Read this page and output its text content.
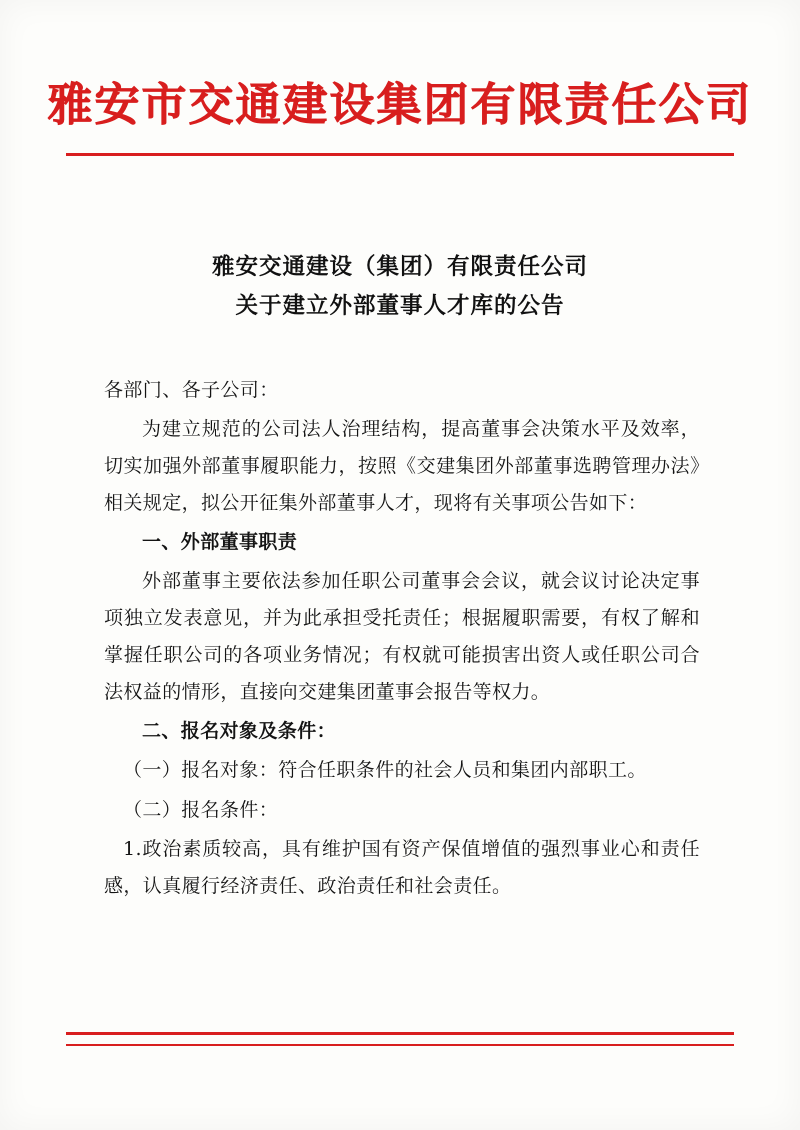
雅安市交通建设集团有限责任公司
雅安交通建设（集团）有限责任公司
关于建立外部董事人才库的公告

各部门、各子公司：

为建立规范的公司法人治理结构，提高董事会决策水平及效率，切实加强外部董事履职能力，按照《交建集团外部董事选聘管理办法》相关规定，拟公开征集外部董事人才，现将有关事项公告如下：

一、外部董事职责

外部董事主要依法参加任职公司董事会会议，就会议讨论决定事项独立发表意见，并为此承担受托责任；根据履职需要，有权了解和掌握任职公司的各项业务情况；有权就可能损害出资人或任职公司合法权益的情形，直接向交建集团董事会报告等权力。

二、报名对象及条件：

（一）报名对象：符合任职条件的社会人员和集团内部职工。

（二）报名条件：

1.政治素质较高，具有维护国有资产保值增值的强烈事业心和责任感，认真履行经济责任、政治责任和社会责任。
